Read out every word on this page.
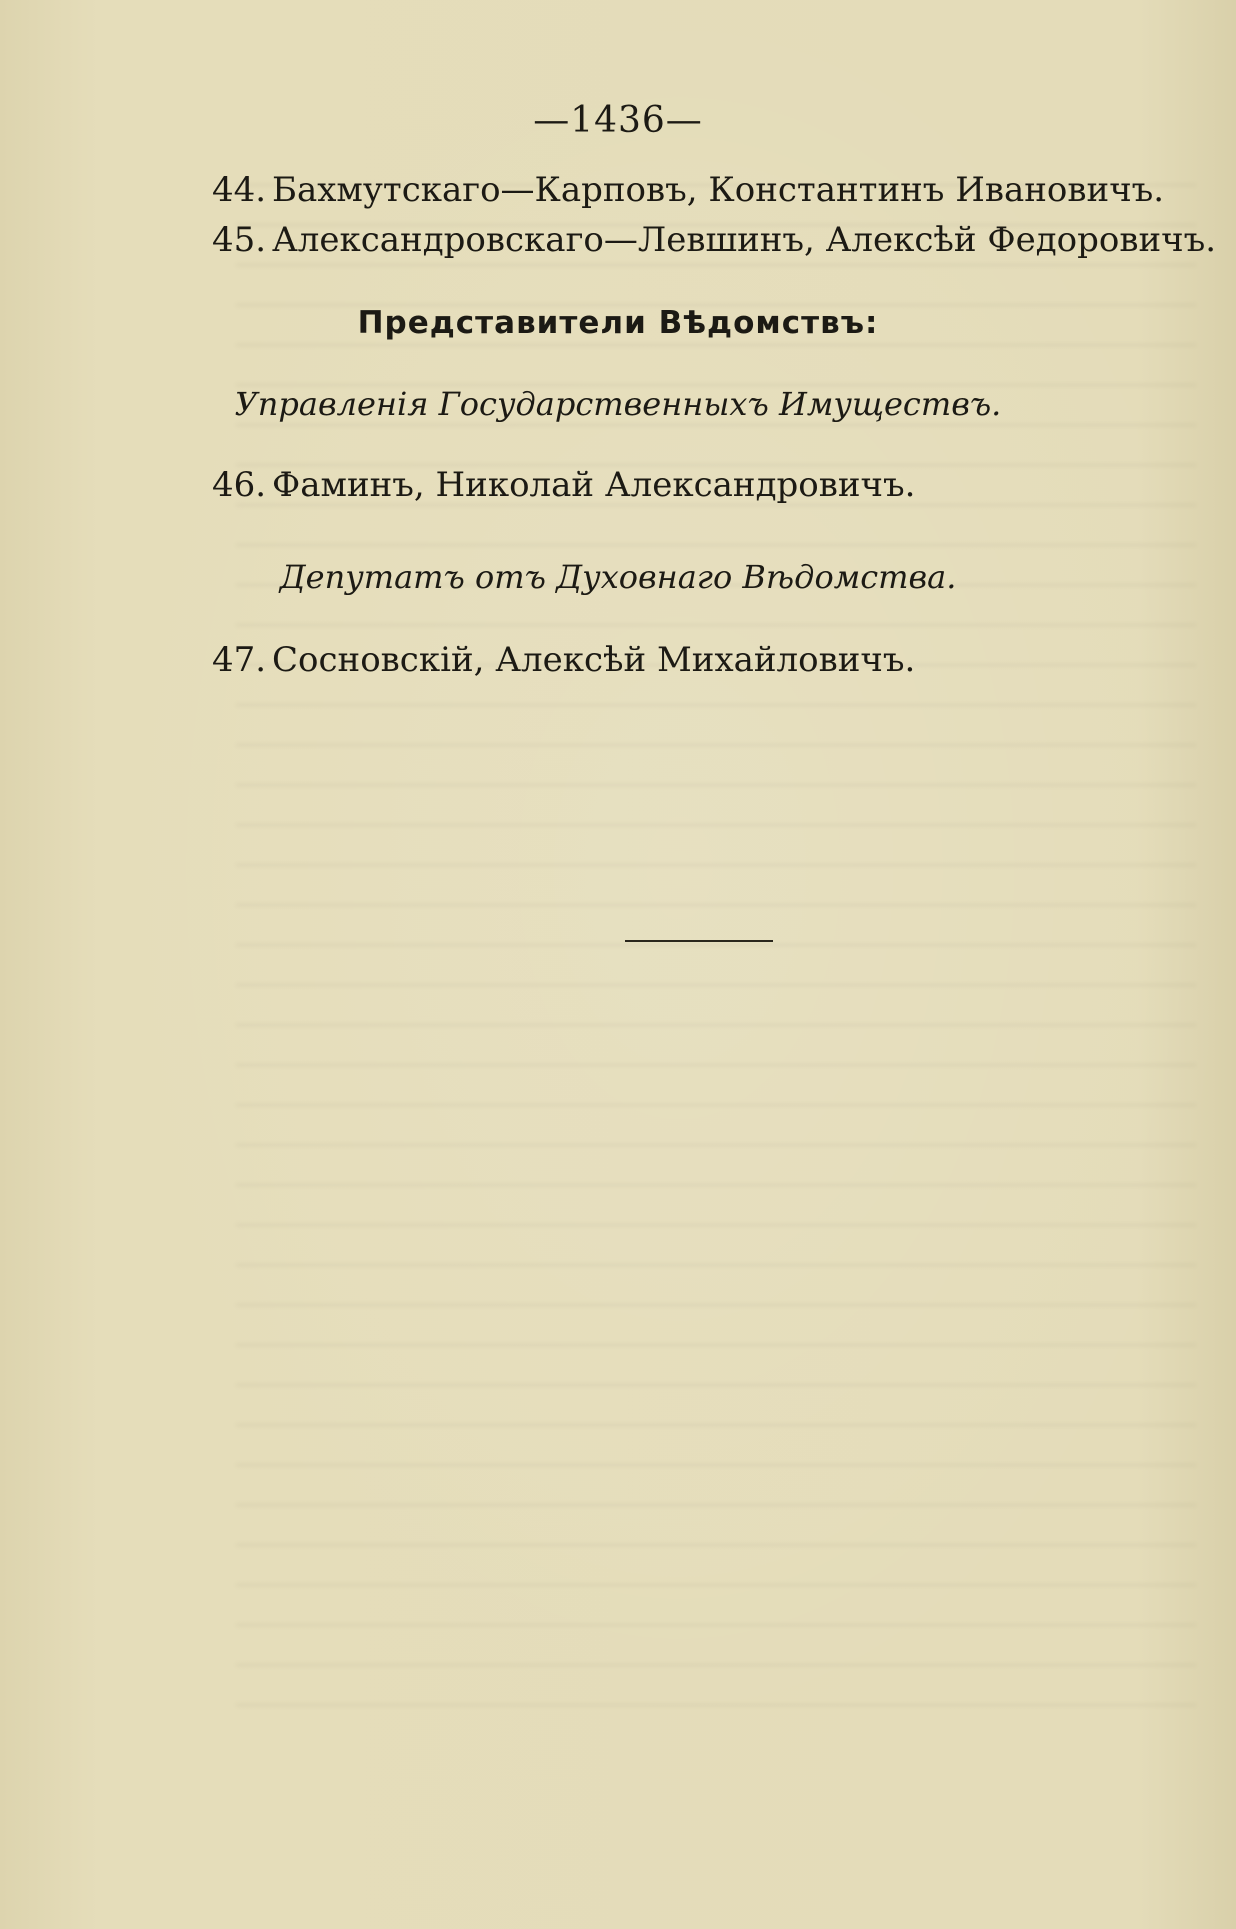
—1436—
44. Бахмутскаго—Карповъ, Константинъ Ивановичъ.
45. Александровскаго—Левшинъ, Алексѣй Федоровичъ.
Представители Вѣдомствъ:
Управленія Государственныхъ Имуществъ.
46. Фаминъ, Николай Александровичъ.
Депутатъ отъ Духовнаго Вѣдомства.
47. Сосновскій, Алексѣй Михайловичъ.
